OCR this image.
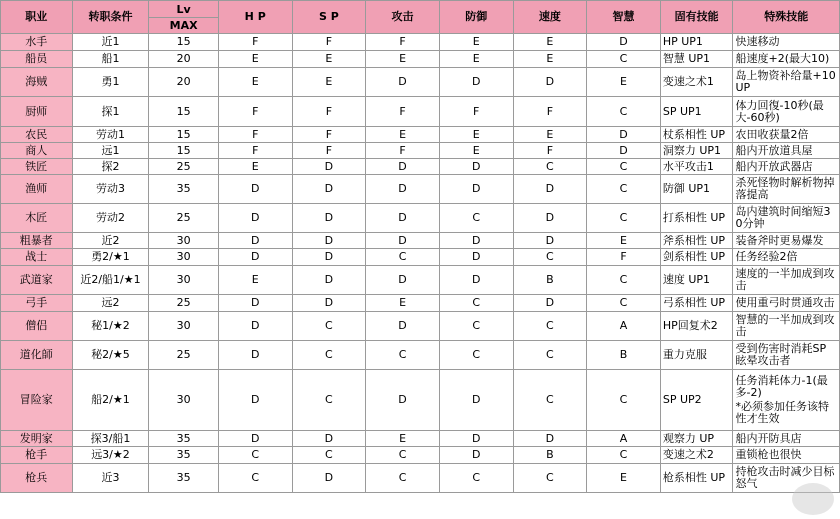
职业	转职条件	Lv	H P	S P	攻击	防御	速度	智慧	固有技能	特殊技能
		MAX								
水手	近1	15	F	F	F	E	E	D	HP UP1	快速移动
船员	船1	20	E	E	E	E	E	C	智慧 UP1	船速度+2(最大10)
海贼	勇1	20	E	E	D	D	D	E	变速之术1	岛上物资补给量+10UP
厨师	探1	15	F	F	F	F	F	C	SP UP1	体力回復-10秒(最大-60秒)
农民	劳动1	15	F	F	E	E	E	D	杖系相性 UP	农田收获量2倍
商人	远1	15	F	F	F	E	F	D	洞察力 UP1	船内开放道具屋
铁匠	探2	25	E	D	D	D	C	C	水平攻击1	船内开放武器店
渔师	劳动3	35	D	D	D	D	D	C	防御 UP1	杀死怪物时解析物掉落提高
木匠	劳动2	25	D	D	D	C	D	C	打系相性 UP	岛内建筑时间缩短30分钟
粗暴者	近2	30	D	D	D	D	D	E	斧系相性 UP	装备斧时更易爆发
战士	勇2/★1	30	D	D	C	D	C	F	剑系相性 UP	任务经验2倍
武道家	近2/船1/★1	30	E	D	D	D	B	C	速度 UP1	速度的一半加成到攻击
弓手	远2	25	D	D	E	C	D	C	弓系相性 UP	使用重弓时贯通攻击
僧侣	秘1/★2	30	D	C	D	C	C	A	HP回复术2	智慧的一半加成到攻击
道化師	秘2/★5	25	D	C	C	C	C	B	重力克服	受到伤害时消耗SP眩晕攻击者
冒险家	船2/★1	30	D	C	D	D	C	C	SP UP2	任务消耗体力-1(最多-2)
*必须参加任务该特性才生效

发明家	探3/船1	35	D	D	E	D	D	A	观察力 UP	船内开防具店
枪手	远3/★2	35	C	C	C	D	B	C	变速之术2	重锁枪也很快
枪兵	近3	35	C	D	C	C	C	E	枪系相性 UP	持枪攻击时减少目标怒气
